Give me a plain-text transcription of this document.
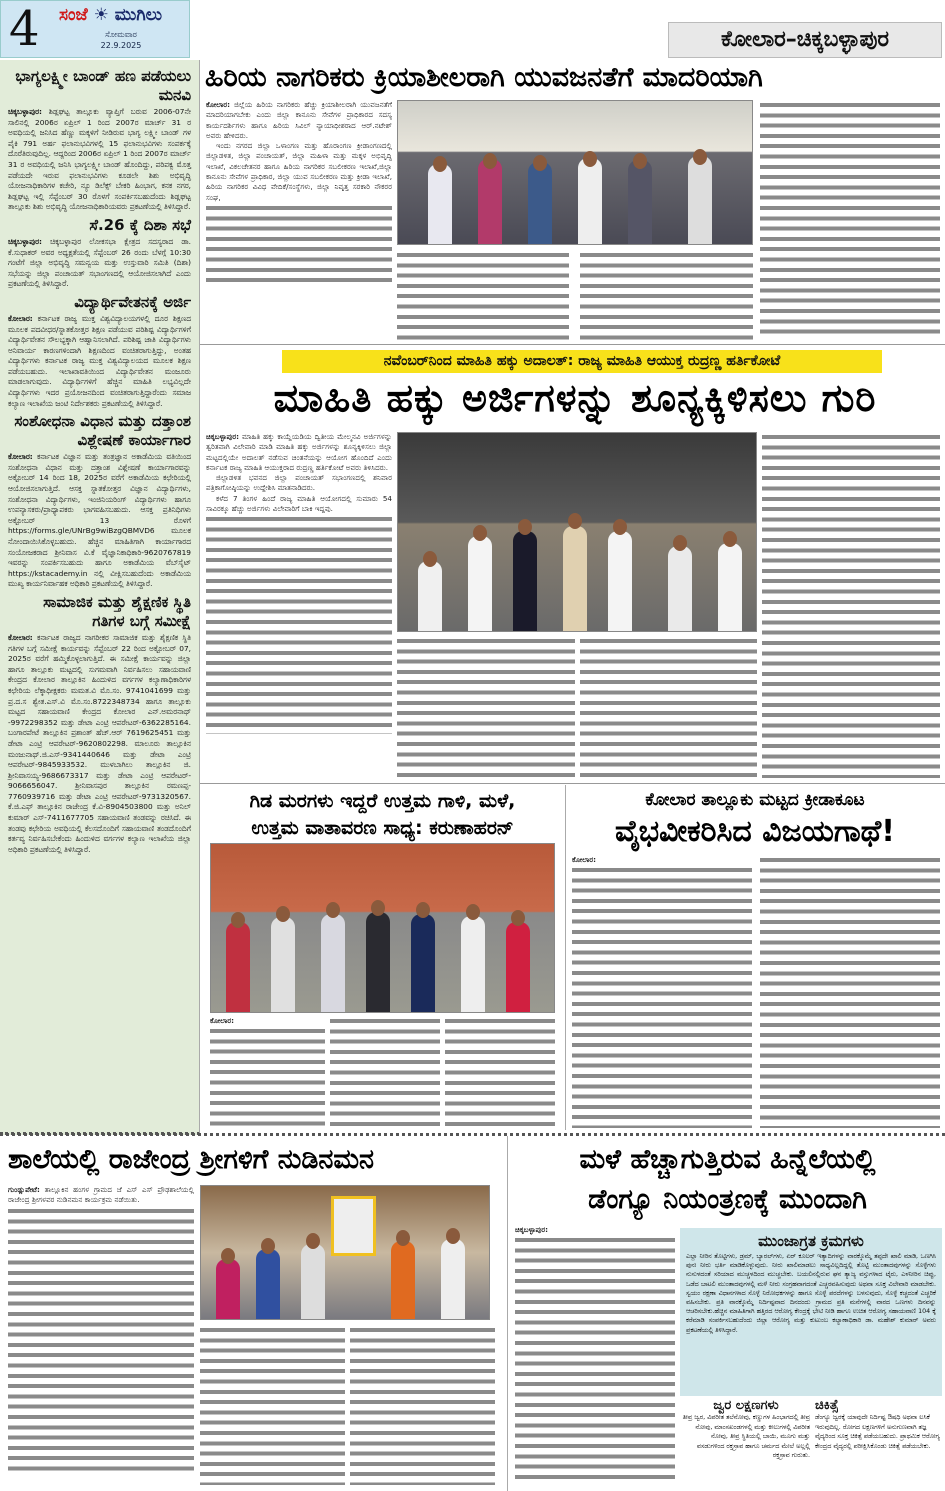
4 ಸಂಜೆ ☀ ಮುಗಿಲು
ಸೋಮವಾರ
22.9.2025	ಕೋಲಾರ–ಚಿಕ್ಕಬಳ್ಳಾಪುರ
ಭಾಗ್ಯಲಕ್ಷ್ಮೀ ಬಾಂಡ್ ಹಣ ಪಡೆಯಲು ಮನವಿ
ಚಿಕ್ಕಬಳ್ಳಾಪುರ: ಶಿಡ್ಲಘಟ್ಟ ತಾಲ್ಲೂಕು ವ್ಯಾಪ್ತಿಗೆ ಬರುವ 2006-07ನೇ ಸಾಲಿನಲ್ಲಿ 2006ರ ಏಪ್ರಿಲ್ 1 ರಿಂದ 2007ರ ಮಾರ್ಚ್ 31 ರ ಅವಧಿಯಲ್ಲಿ ಜನಿಸಿದ ಹೆಣ್ಣು ಮಕ್ಕಳಿಗೆ ನೀಡಿರುವ ಭಾಗ್ಯ ಲಕ್ಷ್ಮೀ ಬಾಂಡ್ ಗಳ ಪೈಕಿ 791 ಅರ್ಹ ಫಲಾನುಭವಿಗಳಲ್ಲಿ 15 ಫಲಾನುಭವಿಗಳು ಸಂಪರ್ಕಕ್ಕೆ ದೊರೆತಿರುವುದಿಲ್ಲ. ಆದ್ದರಿಂದ 2006ರ ಏಪ್ರಿಲ್ 1 ರಿಂದ 2007ರ ಮಾರ್ಚ್ 31 ರ ಅವಧಿಯಲ್ಲಿ ಜನಿಸಿ ಭಾಗ್ಯಲಕ್ಷ್ಮೀ ಬಾಂಡ್ ಹೊಂದಿದ್ದು, ಪರಿಪಕ್ವ ಮೊತ್ತ ಪಡೆಯದೇ ಇರುವ ಫಲಾನುಭವಿಗಳು ಕೂಡಲೇ ಶಿಶು ಅಭಿವೃದ್ಧಿ ಯೋಜನಾಧಿಕಾರಿಗಳ ಕಚೇರಿ, ನ್ಯೂ ಡಿಲೆಕ್ಸ್ ಬೇಕರಿ ಹಿಂಭಾಗ, ಕನಕ ನಗರ, ಶಿಡ್ಲಘಟ್ಟ ಇಲ್ಲಿ ಸೆಪ್ಟೆಂಬರ್ 30 ರೊಳಗೆ ಸಂಪರ್ಕಿಸಬಹುದೆಂದು ಶಿಡ್ಲಘಟ್ಟ ತಾಲ್ಲೂಕು ಶಿಶು ಅಭಿವೃದ್ಧಿ ಯೋಜನಾಧಿಕಾರಿಯವರು ಪ್ರಕಟಣೆಯಲ್ಲಿ ತಿಳಿಸಿದ್ದಾರೆ.
ಸೆ.26 ಕ್ಕೆ ದಿಶಾ ಸಭೆ
ಚಿಕ್ಕಬಳ್ಳಾಪುರ: ಚಿಕ್ಕಬಳ್ಳಾಪುರ ಲೋಕಸಭಾ ಕ್ಷೇತ್ರದ ಸದಸ್ಯರಾದ ಡಾ. ಕೆ.ಸುಧಾಕರ್ ಅವರ ಅಧ್ಯಕ್ಷತೆಯಲ್ಲಿ ಸೆಪ್ಟೆಂಬರ್ 26 ರಂದು ಬೆಳಗ್ಗೆ 10:30 ಗಂಟೆಗೆ ಜಿಲ್ಲಾ ಅಭಿವೃದ್ಧಿ ಸಮನ್ವಯ ಮತ್ತು ಉಸ್ತುವಾರಿ ಸಮಿತಿ (ದಿಶಾ) ಸಭೆಯನ್ನು ಜಿಲ್ಲಾ ಪಂಚಾಯತ್ ಸಭಾಂಗಣದಲ್ಲಿ ಆಯೋಜಿಸಲಾಗಿದೆ ಎಂದು ಪ್ರಕಟಣೆಯಲ್ಲಿ ತಿಳಿಸಿದ್ದಾರೆ.
ವಿದ್ಯಾರ್ಥಿವೇತನಕ್ಕೆ ಅರ್ಜಿ
ಕೋಲಾರ: ಕರ್ನಾಟಕ ರಾಜ್ಯ ಮುಕ್ತ ವಿಶ್ವವಿದ್ಯಾಲಯಗಳಲ್ಲಿ ದೂರ ಶಿಕ್ಷಣದ ಮೂಲಕ ಪದವೀಧರ/ಸ್ನಾತಕೋತ್ತರ ಶಿಕ್ಷಣ ಪಡೆಯುವ ಪರಿಶಿಷ್ಟ ವಿದ್ಯಾರ್ಥಿಗಳಿಗೆ ವಿದ್ಯಾರ್ಥಿವೇತನ ಸೌಲಭ್ಯಕ್ಕಾಗಿ ಆಹ್ವಾನಿಸಲಾಗಿದೆ. ಪರಿಶಿಷ್ಟ ಜಾತಿ ವಿದ್ಯಾರ್ಥಿಗಳು ಅನಿವಾರ್ಯ ಕಾರಣಗಳಿಂದಾಗಿ ಶಿಕ್ಷಣದಿಂದ ವಂಚಿತರಾಗುತ್ತಿದ್ದು, ಅಂತಹ ವಿದ್ಯಾರ್ಥಿಗಳು ಕರ್ನಾಟಕ ರಾಜ್ಯ ಮುಕ್ತ ವಿಶ್ವವಿದ್ಯಾಲಯದ ಮೂಲಕ ಶಿಕ್ಷಣ ಪಡೆಯಬಹುದು. ಇಲಾಖಾವತಿಯಿಂದ ವಿದ್ಯಾರ್ಥಿವೇತನ ಮಂಜೂರು ಮಾಡಲಾಗುವುದು. ವಿದ್ಯಾರ್ಥಿಗಳಿಗೆ ಹೆಚ್ಚಿನ ಮಾಹಿತಿ ಲಭ್ಯವಿಲ್ಲದೇ ವಿದ್ಯಾರ್ಥಿಗಳು ಇದರ ಪ್ರಯೋಜನದಿಂದ ವಂಚಿತರಾಗುತ್ತಿದ್ದಾರೆಂದು ಸಮಾಜ ಕಲ್ಯಾಣ ಇಲಾಖೆಯ ಜಂಟಿ ನಿರ್ದೇಶಕರು ಪ್ರಕಟಣೆಯಲ್ಲಿ ತಿಳಿಸಿದ್ದಾರೆ.
ಸಂಶೋಧನಾ ವಿಧಾನ ಮತ್ತು ದತ್ತಾಂಶ ವಿಶ್ಲೇಷಣೆ ಕಾರ್ಯಾಗಾರ
ಕೋಲಾರ: ಕರ್ನಾಟಕ ವಿಜ್ಞಾನ ಮತ್ತು ತಂತ್ರಜ್ಞಾನ ಅಕಾಡೆಮಿಯ ವತಿಯಿಂದ ಸಂಶೋಧನಾ ವಿಧಾನ ಮತ್ತು ದತ್ತಾಂಶ ವಿಶ್ಲೇಷಣೆ ಕಾರ್ಯಾಗಾರವನ್ನು ಅಕ್ಟೋಬರ್ 14 ರಿಂದ 18, 2025ರ ವರೆಗೆ ಅಕಾಡೆಮಿಯ ಕಛೇರಿಯಲ್ಲಿ ಆಯೋಜಿಸಲಾಗುತ್ತಿದೆ. ಆಸಕ್ತ ಸ್ನಾತಕೋತ್ತರ ವಿಜ್ಞಾನ ವಿದ್ಯಾರ್ಥಿಗಳು, ಸಂಶೋಧನಾ ವಿದ್ಯಾರ್ಥಿಗಳು, ಇಂಜಿನಿಯರಿಂಗ್ ವಿದ್ಯಾರ್ಥಿಗಳು ಹಾಗೂ ಉಪನ್ಯಾಸಕರು/ಪ್ರಾಧ್ಯಾಪಕರು ಭಾಗವಹಿಸಬಹುದು. ಆಸಕ್ತ ಪ್ರತಿನಿಧಿಗಳು ಅಕ್ಟೋಬರ್ 13 ರೊಳಗೆ https://forms.gle/UNrBg9wiBzgQBMVD6 ಮೂಲಕ ನೋಂದಾಯಿಸಿಕೊಳ್ಳಬಹುದು. ಹೆಚ್ಚಿನ ಮಾಹಿತಿಗಾಗಿ ಕಾರ್ಯಾಗಾರದ ಸಂಯೋಜಕರಾದ ಶ್ರೀನಿವಾಸ ವಿ.ಕೆ ವೈಜ್ಞಾನಿಕಾಧಿಕಾರಿ-9620767819 ಇವರನ್ನು ಸಂಪರ್ಕಿಸಬಹುದು ಹಾಗೂ ಅಕಾಡೆಮಿಯ ವೆಬ್‌ಸೈಟ್ https://kstacademy.in ನಲ್ಲಿ ವೀಕ್ಷಿಸಬಹುದೆಂದು ಅಕಾಡೆಮಿಯ ಮುಖ್ಯ ಕಾರ್ಯನಿರ್ವಾಹಕ ಅಧಿಕಾರಿ ಪ್ರಕಟಣೆಯಲ್ಲಿ ತಿಳಿಸಿದ್ದಾರೆ.
ಸಾಮಾಜಿಕ ಮತ್ತು ಶೈಕ್ಷಣಿಕ ಸ್ಥಿತಿ ಗತಿಗಳ ಬಗ್ಗೆ ಸಮೀಕ್ಷೆ
ಕೋಲಾರ: ಕರ್ನಾಟಕ ರಾಜ್ಯದ ನಾಗರೀಕರ ಸಾಮಾಜಿಕ ಮತ್ತು ಶೈಕ್ಷಣಿಕ ಸ್ಥಿತಿ ಗತಿಗಳ ಬಗ್ಗೆ ಸಮೀಕ್ಷೆ ಕಾರ್ಯವನ್ನು ಸೆಪ್ಟೆಂಬರ್ 22 ರಿಂದ ಅಕ್ಟೋಬರ್ 07, 2025ರ ವರೆಗೆ ಹಮ್ಮಿಕೊಳ್ಳಲಾಗುತ್ತಿದೆ. ಈ ಸಮೀಕ್ಷೆ ಕಾರ್ಯವನ್ನು ಜಿಲ್ಲಾ ಹಾಗೂ ತಾಲ್ಲೂಕು ಮಟ್ಟದಲ್ಲಿ ಸುಗಮವಾಗಿ ನಿರ್ವಹಿಸಲು ಸಹಾಯವಾಣಿ ಕೇಂದ್ರದ ಕೋಲಾರ ತಾಲ್ಲೂಕಿನ ಹಿಂದುಳಿದ ವರ್ಗಗಳ ಕಲ್ಯಾಣಾಧಿಕಾರಿಗಳ ಕಛೇರಿಯ ಲೆಕ್ಕಾಧೀಕ್ಷಕರು ಮಮತ.ವಿ ಮೊ.ಸಂ. 9741041699 ಮತ್ತು ಪ್ರ.ದ.ಸ ಶ್ವೇತ.ಎಸ್.ವಿ ಮೊ.ಸಂ.8722348734 ಹಾಗೂ ತಾಲ್ಲೂಕು ಮಟ್ಟದ ಸಹಾಯವಾಣಿ ಕೇಂದ್ರದ ಕೋಲಾರ ಎನ್.ಅಮರನಾಥ್ -9972298352 ಮತ್ತು ಡೇಟಾ ಎಂಟ್ರಿ ಆಪರೇಟರ್-6362285164. ಬಂಗಾರಪೇಟೆ ತಾಲ್ಲೂಕಿನ ಪ್ರಶಾಂತ್ ಹೆಚ್.ಆರ್ 7619625451 ಮತ್ತು ಡೇಟಾ ಎಂಟ್ರಿ ಆಪರೇಟರ್-9620802298. ಮಾಲೂರು ತಾಲ್ಲೂಕಿನ ಮಂಜುನಾಥ್.ಜಿ.ಎಸ್-9341440646 ಮತ್ತು ಡೇಟಾ ಎಂಟ್ರಿ ಆಪರೇಟರ್-9845933532. ಮುಳಬಾಗಿಲು ತಾಲ್ಲೂಕಿನ ಜಿ. ಶ್ರೀನಿವಾಸಯ್ಯ-9686673317 ಮತ್ತು ಡೇಟಾ ಎಂಟ್ರಿ ಆಪರೇಟರ್- 9066656047. ಶ್ರೀನಿವಾಸಪುರ ತಾಲ್ಲೂಕಿನ ರಮಣಪ್ಪ- 7760939716 ಮತ್ತು ಡೇಟಾ ಎಂಟ್ರಿ ಆಪರೇಟರ್-9731320567. ಕೆ.ಜಿ.ಎಫ್ ತಾಲ್ಲೂಕಿನ ರಾಜೇಂದ್ರ ಕೆ.ವಿ-8904503800 ಮತ್ತು ಅನಿಲ್ ಕುಮಾರ್ ಎಸ್-7411677705 ಸಹಾಯವಾಣಿ ತಂಡವನ್ನು ರಚಿಸಿದೆ. ಈ ತಂಡವು ಕಛೇರಿಯ ಅವಧಿಯಲ್ಲಿ ಕೆಲಸದೊಂದಿಗೆ ಸಹಾಯವಾಣಿ ತಂಡದೊಂದಿಗೆ ಕರ್ತವ್ಯ ನಿರ್ವಹಿಸಬೇಕೆಂದು ಹಿಂದುಳಿದ ವರ್ಗಗಳ ಕಲ್ಯಾಣ ಇಲಾಖೆಯ ಜಿಲ್ಲಾ ಅಧಿಕಾರಿ ಪ್ರಕಟಣೆಯಲ್ಲಿ ತಿಳಿಸಿದ್ದಾರೆ.
ಹಿರಿಯ ನಾಗರಿಕರು ಕ್ರಿಯಾಶೀಲರಾಗಿ ಯುವಜನತೆಗೆ ಮಾದರಿಯಾಗಿ

ಕೋಲಾರ: ಜಿಲ್ಲೆಯ ಹಿರಿಯ ನಾಗರಿಕರು ಹೆಚ್ಚು ಕ್ರಿಯಾಶೀಲರಾಗಿ ಯುವಜನತೆಗೆ ಮಾದರಿಯಾಗಬೇಕು ಎಂದು ಜಿಲ್ಲಾ ಕಾನೂನು ಸೇವೆಗಳ ಪ್ರಾಧಿಕಾರದ ಸದಸ್ಯ ಕಾರ್ಯದರ್ಶಿಗಳು ಹಾಗೂ ಹಿರಿಯ ಸಿವಿಲ್ ನ್ಯಾಯಾಧೀಶರಾದ ಆರ್.ನಟೇಶ್ ಅವರು ಹೇಳಿದರು.

ಇಂದು ನಗರದ ಜಿಲ್ಲಾ ಒಳಾಂಗಣ ಮತ್ತು ಹೊರಾಂಗಣ ಕ್ರೀಡಾಂಗಣದಲ್ಲಿ ಜಿಲ್ಲಾಡಳಿತ, ಜಿಲ್ಲಾ ಪಂಚಾಯತ್, ಜಿಲ್ಲಾ ಮಹಿಳಾ ಮತ್ತು ಮಕ್ಕಳ ಅಭಿವೃದ್ಧಿ ಇಲಾಖೆ, ವಿಕಲಚೇತನರ ಹಾಗೂ ಹಿರಿಯ ನಾಗರಿಕರ ಸಬಲೀಕರಣ ಇಲಾಖೆ,ಜಿಲ್ಲಾ ಕಾನೂನು ಸೇವೆಗಳ ಪ್ರಾಧಿಕಾರ, ಜಿಲ್ಲಾ ಯುವ ಸಬಲೀಕರಣ ಮತ್ತು ಕ್ರೀಡಾ ಇಲಾಖೆ, ಹಿರಿಯ ನಾಗರಿಕರ ವಿವಿಧ ವೇದಿಕೆ/ಸಂಸ್ಥೆಗಳು, ಜಿಲ್ಲಾ ನಿವೃತ್ತ ಸರಕಾರಿ ನೌಕರರ ಸಂಘ,

ನವೆಂಬರ್‌ನಿಂದ ಮಾಹಿತಿ ಹಕ್ಕು ಅದಾಲತ್: ರಾಜ್ಯ ಮಾಹಿತಿ ಆಯುಕ್ತ ರುದ್ರಣ್ಣ ಹರ್ತಿಕೋಟೆ
ಮಾಹಿತಿ ಹಕ್ಕು ಅರ್ಜಿಗಳನ್ನು ಶೂನ್ಯಕ್ಕಿಳಿಸಲು ಗುರಿ

ಚಿಕ್ಕಬಳ್ಳಾಪುರ: ಮಾಹಿತಿ ಹಕ್ಕು ಕಾಯ್ದೆಯಡಿಯ ದ್ವಿತೀಯ ಮೇಲ್ಮನವಿ ಅರ್ಜಿಗಳನ್ನು ತ್ವರಿತವಾಗಿ ವಿಲೇವಾರಿ ಮಾಡಿ ಮಾಹಿತಿ ಹಕ್ಕು ಅರ್ಜಿಗಳನ್ನು ಶೂನ್ಯಕ್ಕಿಳಿಸಲು ಜಿಲ್ಲಾ ಮಟ್ಟದಲ್ಲಿಯೇ ಅದಾಲತ್ ನಡೆಸುವ ಚಿಂತನೆಯನ್ನು ಆಯೋಗ ಹೊಂದಿದೆ ಎಂದು ಕರ್ನಾಟಕ ರಾಜ್ಯ ಮಾಹಿತಿ ಆಯುಕ್ತರಾದ ರುದ್ರಣ್ಣ ಹರ್ತಿಕೋಟೆ ಅವರು ತಿಳಿಸಿದರು.

ಜಿಲ್ಲಾಡಳಿತ ಭವನದ ಜಿಲ್ಲಾ ಪಂಚಾಯತ್ ಸಭಾಂಗಣದಲ್ಲಿ ಶನಿವಾರ ಪತ್ರಿಕಾಗೋಷ್ಠಿಯನ್ನು ಉದ್ದೇಶಿಸಿ ಮಾತನಾಡಿದರು.

ಕಳೆದ 7 ತಿಂಗಳ ಹಿಂದೆ ರಾಜ್ಯ ಮಾಹಿತಿ ಆಯೋಗದಲ್ಲಿ ಸುಮಾರು 54 ಸಾವಿರಕ್ಕೂ ಹೆಚ್ಚು ಅರ್ಜಿಗಳು ವಿಲೇವಾರಿಗೆ ಬಾಕಿ ಇದ್ದವು.

ಗಿಡ ಮರಗಳು ಇದ್ದರೆ ಉತ್ತಮ ಗಾಳಿ, ಮಳೆ,
ಉತ್ತಮ ವಾತಾವರಣ ಸಾಧ್ಯ: ಕರುಣಾಹರನ್
ಕೋಲಾರ:
ಕೋಲಾರ ತಾಲ್ಲೂಕು ಮಟ್ಟದ ಕ್ರೀಡಾಕೂಟ
ವೈಭವೀಕರಿಸಿದ ವಿಜಯಗಾಥೆ!
ಕೋಲಾರ:
ಶಾಲೆಯಲ್ಲಿ ರಾಜೇಂದ್ರ ಶ್ರೀಗಳಿಗೆ ನುಡಿನಮನ

ಗುಂಡ್ಲುಪೇಟೆ: ತಾಲ್ಲೂಕಿನ ಹಂಗಳ ಗ್ರಾಮದ ಜೆ ಎಸ್ ಎಸ್ ಪ್ರೌಢಶಾಲೆಯಲ್ಲಿ ರಾಜೇಂದ್ರ ಶ್ರೀಗಳವರ ನುಡಿನಮನ ಕಾರ್ಯಕ್ರಮ ನಡೆಯಿತು.

ಮಳೆ ಹೆಚ್ಚಾಗುತ್ತಿರುವ ಹಿನ್ನೆಲೆಯಲ್ಲಿ
ಡೆಂಗ್ಯೂ ನಿಯಂತ್ರಣಕ್ಕೆ ಮುಂದಾಗಿ
ಚಿಕ್ಕಬಳ್ಳಾಪುರ:
ಮುಂಜಾಗ್ರತ ಕ್ರಮಗಳು
ಎಲ್ಲಾ ನೀರಿನ ತೊಟ್ಟಿಗಳು, ಡ್ರಮ್, ಬ್ಯಾರಲ್‌ಗಳು, ಏರ್ ಕೂಲರ್ ಇತ್ಯಾದಿಗಳನ್ನು ವಾರಕ್ಕೊಮ್ಮೆ ತಪ್ಪದೇ ಖಾಲಿ ಮಾಡಿ, ಒಣಗಿಸಿ ಪುನಃ ನೀರು ಭರ್ತಿ ಮಾಡಿಕೊಳ್ಳುವುದು. ನೀರು ಖಾಲಿಮಾಡಲು ಸಾಧ್ಯವಿಲ್ಲದಿದ್ದಲ್ಲಿ ತೊಟ್ಟಿ ಮುಂತಾದವುಗಳನ್ನು ಸೊಳ್ಳೆಗಳು ನುಸುಳದಂತೆ ಸರಿಯಾದ ಮುಚ್ಚಳದಿಂದ ಮುಚ್ಚಬೇಕು. ಬಯಲಿನಲ್ಲಿರುವ ಘನ ತ್ಯಾಜ್ಯ ವಸ್ತುಗಳಾದ ಟೈರು, ಎಳನೀರಿನ ಚಿಪ್ಪು, ಒಡೆದ ಬಾಟಲಿ ಮುಂತಾದವುಗಳಲ್ಲಿ ಮಳೆ ನೀರು ಸಂಗ್ರಹವಾಗದಂತೆ ಎಚ್ಚರವಹಿಸುವುದು ಅಥವಾ ಸೂಕ್ತ ವಿಲೇವಾರಿ ಮಾಡಬೇಕು. ಸ್ವಯಂ ರಕ್ಷಣಾ ವಿಧಾನಗಳಾದ ಸೊಳ್ಳೆ ನಿರೋಧಕಗಳನ್ನು ಹಾಗೂ ಸೊಳ್ಳೆ ಪರದೆಗಳನ್ನು ಬಳಸುವುದು, ಸೊಳ್ಳೆ ಕಚ್ಚದಂತೆ ಎಚ್ಚರಿಕೆ ವಹಿಸಬೇಕು. ಪ್ರತಿ ವಾರಕ್ಕೊಮ್ಮೆ ನಿರ್ದಿಷ್ಟವಾದ ದಿನದಂದು ಗ್ರಾಮದ ಪ್ರತಿ ಮನೆಗಳಲ್ಲಿ ವಾರದ ಒಣಗಳು ದಿನವನ್ನು ಆಚರಿಸಬೇಕು.ಹೆಚ್ಚಿನ ಮಾಹಿತಿಗಾಗಿ ಹತ್ತಿರದ ಆರೋಗ್ಯ ಕೇಂದ್ರಕ್ಕೆ ಭೇಟಿ ನೀಡಿ ಹಾಗೂ ಉಚಿತ ಆರೋಗ್ಯ ಸಹಾಯವಾಣಿ 104 ಕ್ಕೆ ಕರೆಮಾಡಿ ಸಂಪರ್ಕಿಸಬಹುದೆಂದು ಜಿಲ್ಲಾ ಆರೋಗ್ಯ ಮತ್ತು ಕುಟುಂಬ ಕಲ್ಯಾಣಾಧಿಕಾರಿ ಡಾ. ಮಹೇಶ್ ಕುಮಾರ್ ಅವರು ಪ್ರಕಟಣೆಯಲ್ಲಿ ತಿಳಿಸಿದ್ದಾರೆ.
ಜ್ವರ ಲಕ್ಷಣಗಳು
ತೀವ್ರ ಜ್ವರ, ವಿಪರೀತ ತಲೆನೋವು, ಕಣ್ಣುಗಳ ಹಿಂಭಾಗದಲ್ಲಿ ತೀವ್ರ ನೋವು, ಮಾಂಸಖಂಡಗಳಲ್ಲಿ ಮತ್ತು ಕೀಲುಗಳಲ್ಲಿ ವಿಪರೀತ ನೋವು, ತೀವ್ರ ಸ್ಥಿತಿಯಲ್ಲಿ ಬಾಯಿ, ಮೂಗು ಮತ್ತು ವಸಡುಗಳಿಂದ ರಕ್ತಸ್ರಾವ ಹಾಗೂ ಚರ್ಮದ ಮೇಲೆ ಅಲ್ಲಲ್ಲಿ ರಕ್ತಸ್ರಾವ ಗುರುತು.
ಚಿಕಿತ್ಸೆ
ಡೆಂಗ್ಯೂ ಜ್ವರಕ್ಕೆ ಯಾವುದೇ ನಿರ್ದಿಷ್ಟ ಔಷಧಿ ಅಥವಾ ಲಸಿಕೆ ಇರುವುದಿಲ್ಲ. ರೋಗದ ಲಕ್ಷಣಗಳಿಗೆ ಅನುಗುಣವಾಗಿ ತಜ್ಞ ವೈದ್ಯರಿಂದ ಸೂಕ್ತ ಚಿಕಿತ್ಸೆ ಪಡೆಯಬಹುದು. ಪ್ರಾಥಮಿಕ ಆರೋಗ್ಯ ಕೇಂದ್ರದ ವೈದ್ಯರಲ್ಲಿ ಪರೀಕ್ಷಿಸಿಕೊಂಡು ಚಿಕಿತ್ಸೆ ಪಡೆಯಬೇಕು.
